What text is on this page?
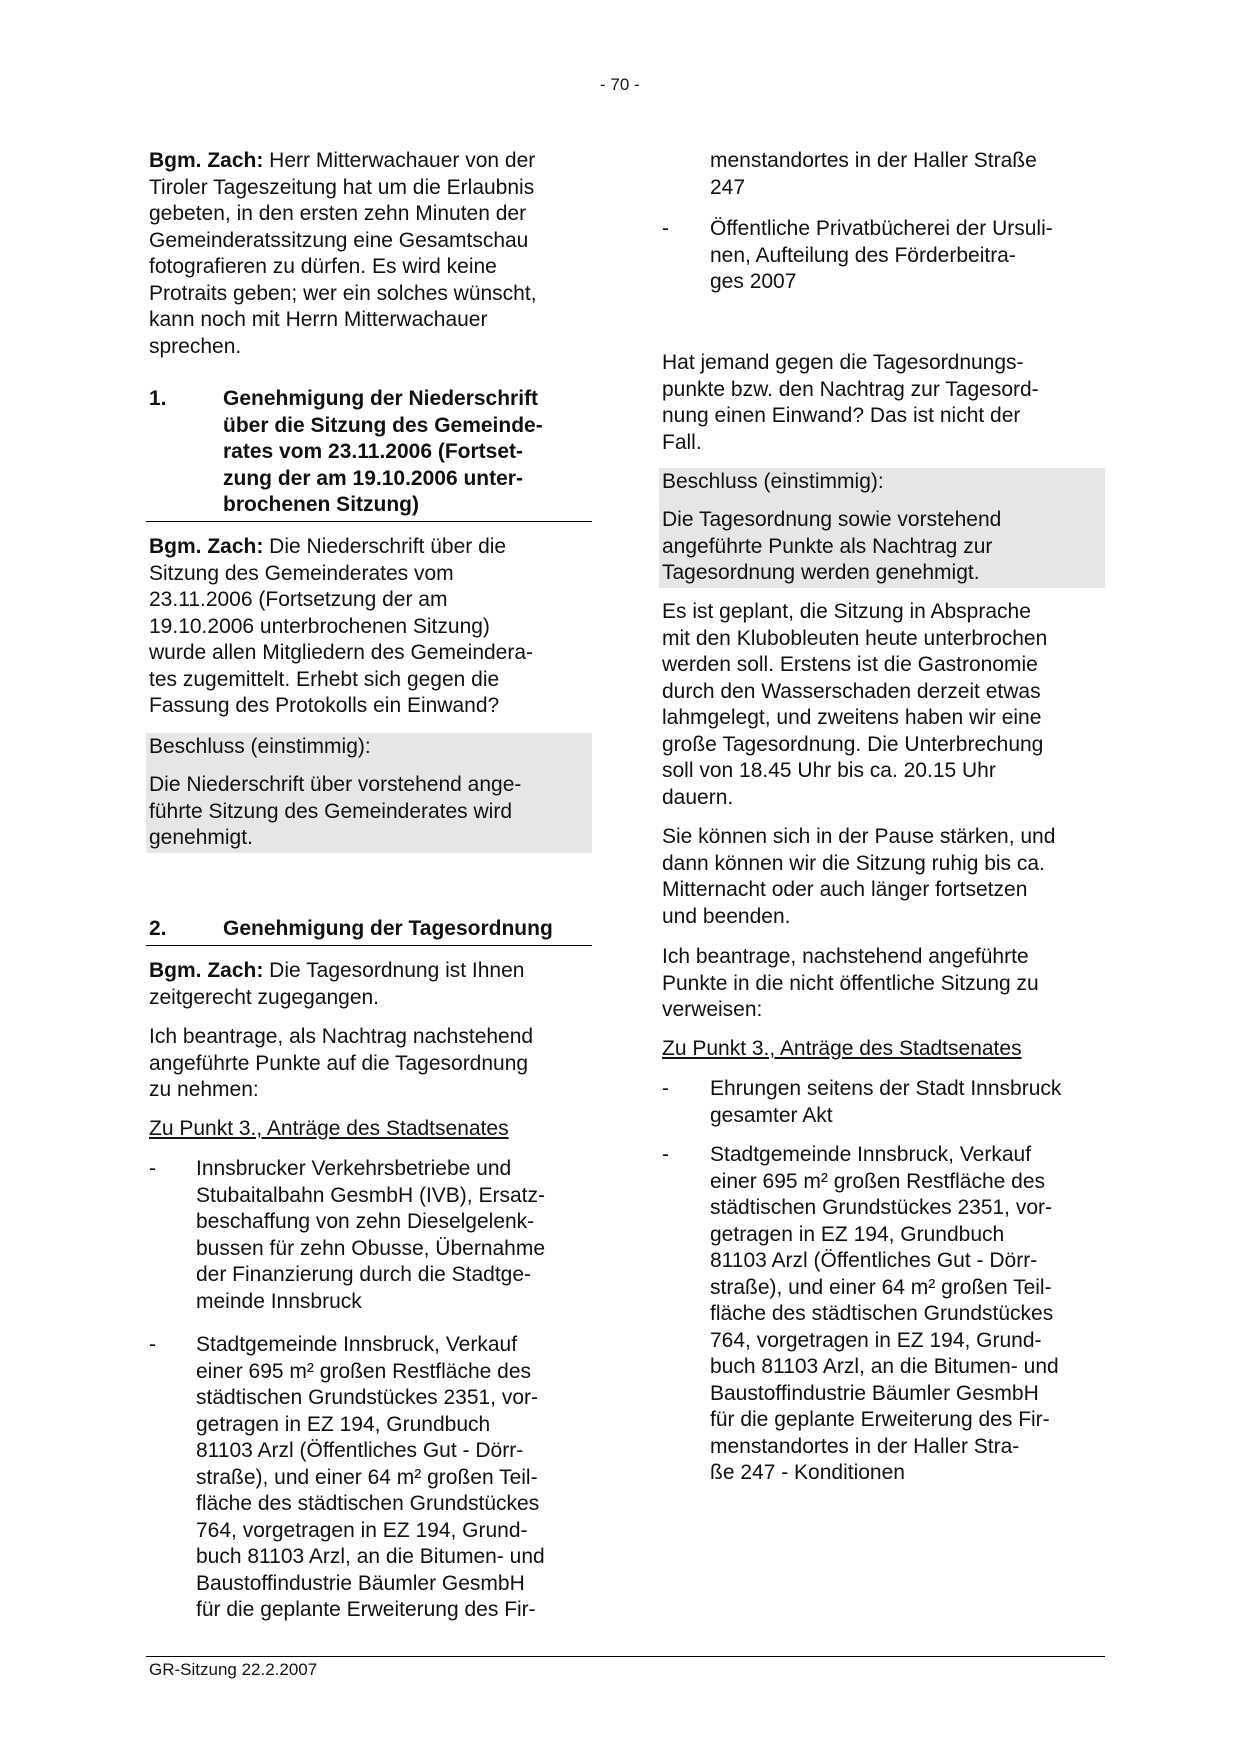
- 70 -
Bgm. Zach: Herr Mitterwachauer von der
Tiroler Tageszeitung hat um die Erlaubnis
gebeten, in den ersten zehn Minuten der
Gemeinderatssitzung eine Gesamtschau
fotografieren zu dürfen. Es wird keine
Protraits geben; wer ein solches wünscht,
kann noch mit Herrn Mitterwachauer
sprechen.
1.	Genehmigung der Niederschrift
über die Sitzung des Gemeinde-
rates vom 23.11.2006 (Fortset-
zung der am 19.10.2006 unter-
brochenen Sitzung)
Bgm. Zach: Die Niederschrift über die
Sitzung des Gemeinderates vom
23.11.2006 (Fortsetzung der am
19.10.2006 unterbrochenen Sitzung)
wurde allen Mitgliedern des Gemeindera-
tes zugemittelt. Erhebt sich gegen die
Fassung des Protokolls ein Einwand?
Beschluss (einstimmig):
Die Niederschrift über vorstehend ange-
führte Sitzung des Gemeinderates wird
genehmigt.
2.	Genehmigung der Tagesordnung
Bgm. Zach: Die Tagesordnung ist Ihnen
zeitgerecht zugegangen.
Ich beantrage, als Nachtrag nachstehend
angeführte Punkte auf die Tagesordnung
zu nehmen:
Zu Punkt 3., Anträge des Stadtsenates
- Innsbrucker Verkehrsbetriebe und
Stubaitalbahn GesmbH (IVB), Ersatz-
beschaffung von zehn Dieselgelenk-
bussen für zehn Obusse, Übernahme
der Finanzierung durch die Stadtge-
meinde Innsbruck
- Stadtgemeinde Innsbruck, Verkauf
einer 695 m² großen Restfläche des
städtischen Grundstückes 2351, vor-
getragen in EZ 194, Grundbuch
81103 Arzl (Öffentliches Gut - Dörr-
straße), und einer 64 m² großen Teil-
fläche des städtischen Grundstückes
764, vorgetragen in EZ 194, Grund-
buch 81103 Arzl, an die Bitumen- und
Baustoffindustrie Bäumler GesmbH
für die geplante Erweiterung des Fir-
menstandortes in der Haller Straße
247
- Öffentliche Privatbücherei der Ursuli-
nen, Aufteilung des Förderbeitra-
ges 2007
Hat jemand gegen die Tagesordnungs-
punkte bzw. den Nachtrag zur Tagesord-
nung einen Einwand? Das ist nicht der
Fall.
Beschluss (einstimmig):
Die Tagesordnung sowie vorstehend
angeführte Punkte als Nachtrag zur
Tagesordnung werden genehmigt.
Es ist geplant, die Sitzung in Absprache
mit den Klubobleuten heute unterbrochen
werden soll. Erstens ist die Gastronomie
durch den Wasserschaden derzeit etwas
lahmgelegt, und zweitens haben wir eine
große Tagesordnung. Die Unterbrechung
soll von 18.45 Uhr bis ca. 20.15 Uhr
dauern.
Sie können sich in der Pause stärken, und
dann können wir die Sitzung ruhig bis ca.
Mitternacht oder auch länger fortsetzen
und beenden.
Ich beantrage, nachstehend angeführte
Punkte in die nicht öffentliche Sitzung zu
verweisen:
Zu Punkt 3., Anträge des Stadtsenates
- Ehrungen seitens der Stadt Innsbruck
gesamter Akt
- Stadtgemeinde Innsbruck, Verkauf
einer 695 m² großen Restfläche des
städtischen Grundstückes 2351, vor-
getragen in EZ 194, Grundbuch
81103 Arzl (Öffentliches Gut - Dörr-
straße), und einer 64 m² großen Teil-
fläche des städtischen Grundstückes
764, vorgetragen in EZ 194, Grund-
buch 81103 Arzl, an die Bitumen- und
Baustoffindustrie Bäumler GesmbH
für die geplante Erweiterung des Fir-
menstandortes in der Haller Stra-
ße 247 - Konditionen
GR-Sitzung 22.2.2007
